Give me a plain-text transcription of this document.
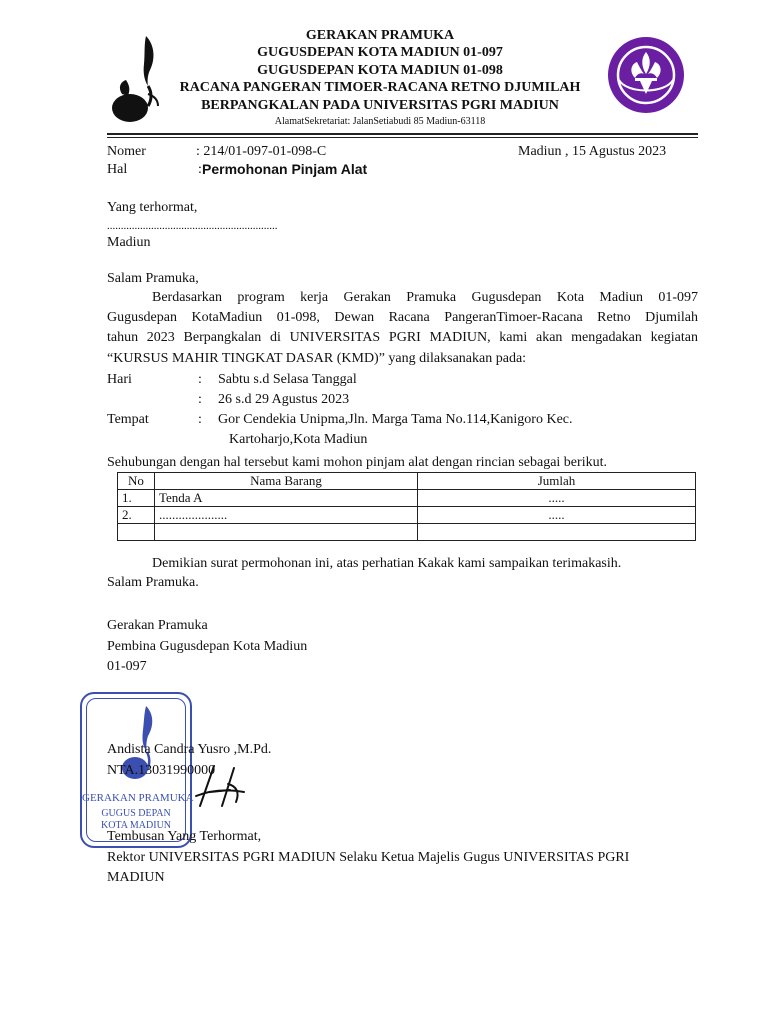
GERAKAN PRAMUKA
GUGUSDEPAN KOTA MADIUN 01-097
GUGUSDEPAN KOTA MADIUN 01-098
RACANA PANGERAN TIMOER-RACANA RETNO DJUMILAH
BERPANGKALAN PADA UNIVERSITAS PGRI MADIUN
AlamatSekretariat: JalanSetiabudi 85 Madiun-63118
Nomer	: 214/01-097-01-098-C	Madiun , 15 Agustus 2023
Hal	: Permohonan Pinjam Alat
Yang terhormat,
..............................................................
Madiun
Salam Pramuka,
Berdasarkan program kerja Gerakan Pramuka Gugusdepan Kota Madiun 01-097
Gugusdepan KotaMadiun 01-098, Dewan Racana PangeranTimoer-Racana Retno Djumilah
tahun 2023 Berpangkalan di UNIVERSITAS PGRI MADIUN, kami akan mengadakan kegiatan
“KURSUS MAHIR TINGKAT DASAR (KMD)” yang dilaksanakan pada:
Hari	: Sabtu s.d Selasa Tanggal
: 26 s.d 29 Agustus 2023
Tempat	: Gor Cendekia Unipma,Jln. Marga Tama No.114,Kanigoro Kec.
Kartoharjo,Kota Madiun
Sehubungan dengan hal tersebut kami mohon pinjam alat dengan rincian sebagai berikut.
No	Nama Barang	Jumlah
1.	Tenda A	.....
2.	.....................	.....

Demikian surat permohonan ini, atas perhatian Kakak kami sampaikan terimakasih.
Salam Pramuka.
Gerakan Pramuka
Pembina Gugusdepan Kota Madiun
01-097
GERAKAN PRAMUKA
GUGUS DEPAN
KOTA MADIUN
Andista Candra Yusro ,M.Pd.
NTA.13031990000
Tembusan Yang Terhormat,
Rektor UNIVERSITAS PGRI MADIUN Selaku Ketua Majelis Gugus UNIVERSITAS PGRI
MADIUN
